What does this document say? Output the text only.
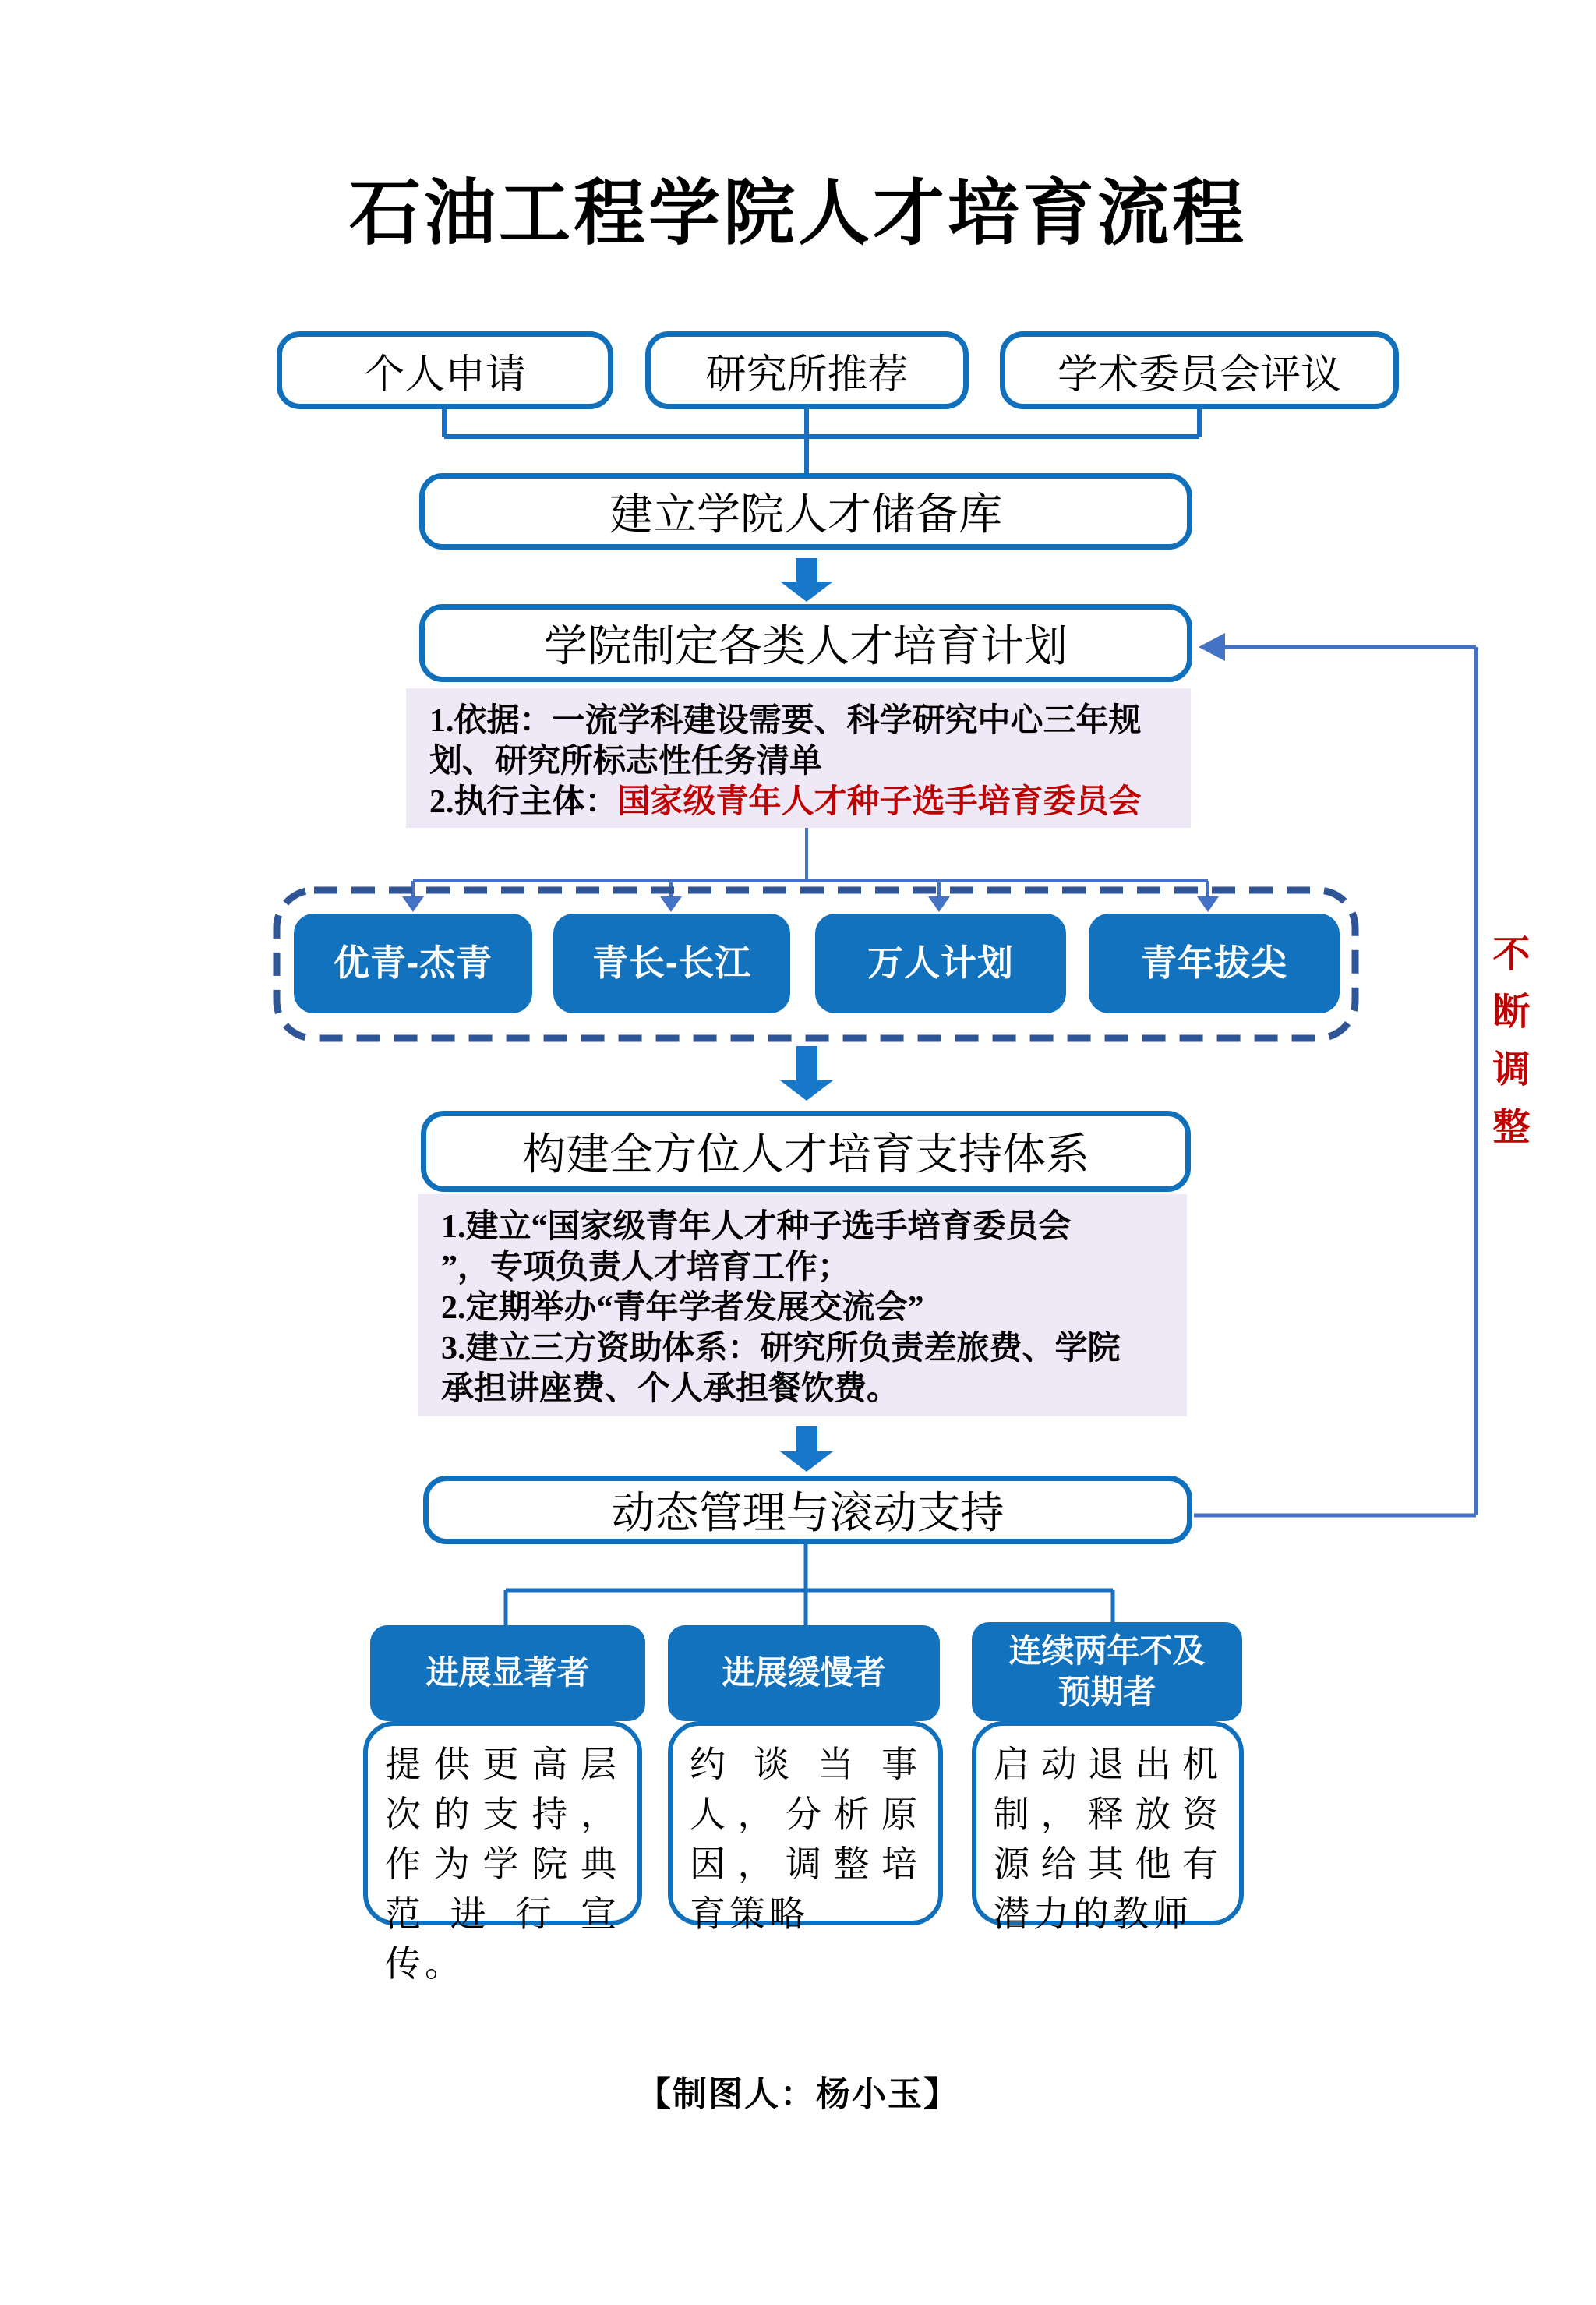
石油工程学院人才培育流程
个人申请	研究所推荐	学术委员会评议
建立学院人才储备库
学院制定各类人才培育计划
1.依据：一流学科建设需要、科学研究中心三年规
划、研究所标志性任务清单
2.执行主体：国家级青年人才种子选手培育委员会
优青-杰青	青长-长江	万人计划	青年拔尖
构建全方位人才培育支持体系
1.建立“国家级青年人才种子选手培育委员会
”，专项负责人才培育工作；
2.定期举办“青年学者发展交流会”
3.建立三方资助体系：研究所负责差旅费、学院
承担讲座费、个人承担餐饮费。
动态管理与滚动支持
不断调整
进展显著者	进展缓慢者
连续两年不及预期者
提供更高层次的支持，作为学院典范进行宣传。
约谈当事人，分析原因，调整培育策略
启动退出机制，释放资源给其他有潜力的教师
【制图人：杨小玉】
